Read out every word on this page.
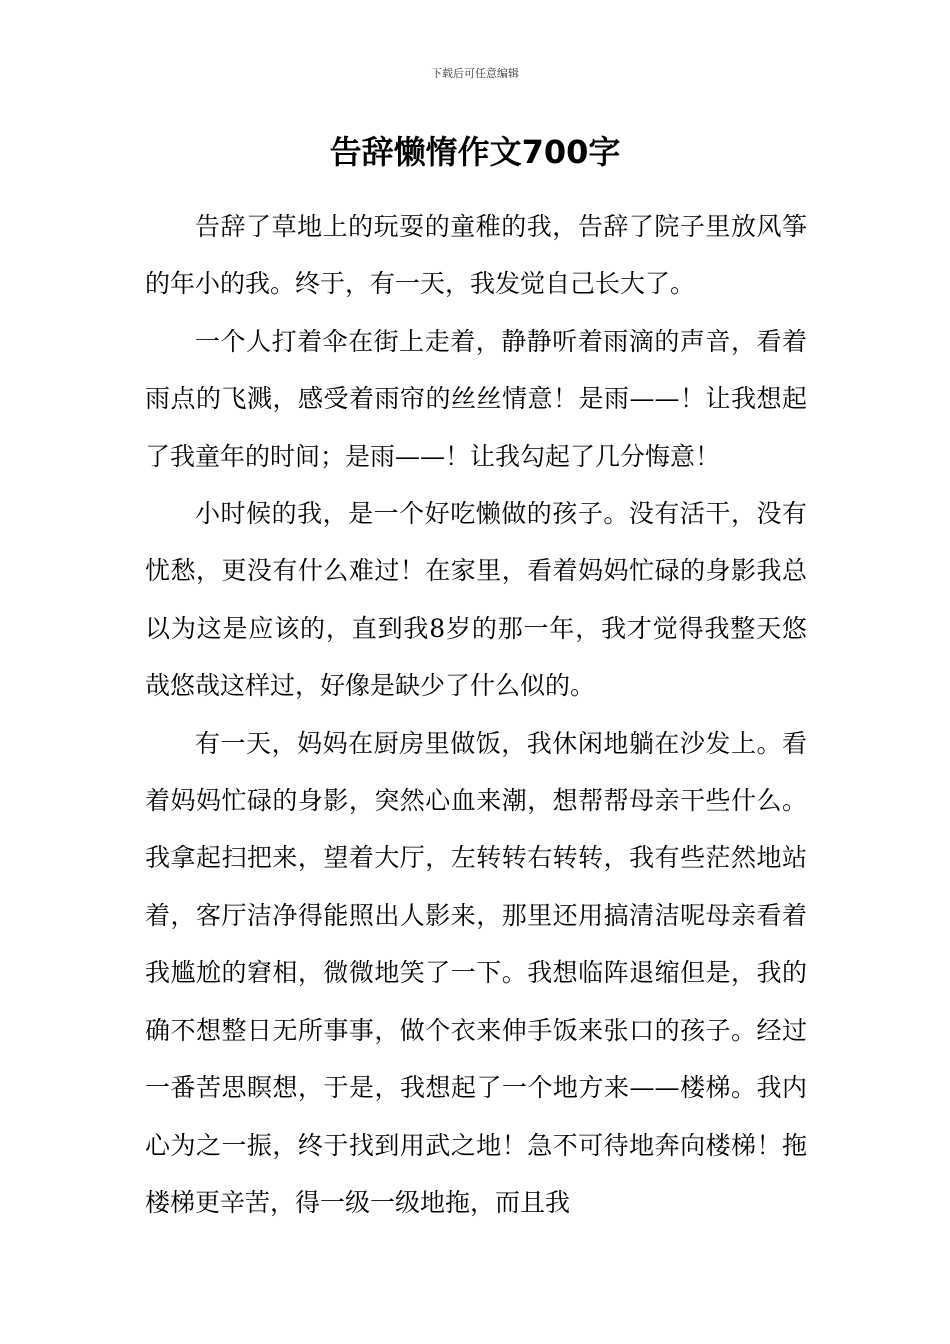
下载后可任意编辑
告辞懒惰作文700字

告辞了草地上的玩耍的童稚的我，告辞了院子里放风筝的年小的我。终于，有一天，我发觉自己长大了。

一个人打着伞在街上走着，静静听着雨滴的声音，看着雨点的飞溅，感受着雨帘的丝丝情意！是雨——！让我想起了我童年的时间；是雨——！让我勾起了几分悔意！

小时候的我，是一个好吃懒做的孩子。没有活干，没有忧愁，更没有什么难过！在家里，看着妈妈忙碌的身影我总以为这是应该的，直到我8岁的那一年，我才觉得我整天悠哉悠哉这样过，好像是缺少了什么似的。

有一天，妈妈在厨房里做饭，我休闲地躺在沙发上。看着妈妈忙碌的身影，突然心血来潮，想帮帮母亲干些什么。我拿起扫把来，望着大厅，左转转右转转，我有些茫然地站着，客厅洁净得能照出人影来，那里还用搞清洁呢母亲看着我尴尬的窘相，微微地笑了一下。我想临阵退缩但是，我的确不想整日无所事事，做个衣来伸手饭来张口的孩子。经过一番苦思瞑想，于是，我想起了一个地方来——楼梯。我内心为之一振，终于找到用武之地！急不可待地奔向楼梯！拖楼梯更辛苦，得一级一级地拖，而且我
